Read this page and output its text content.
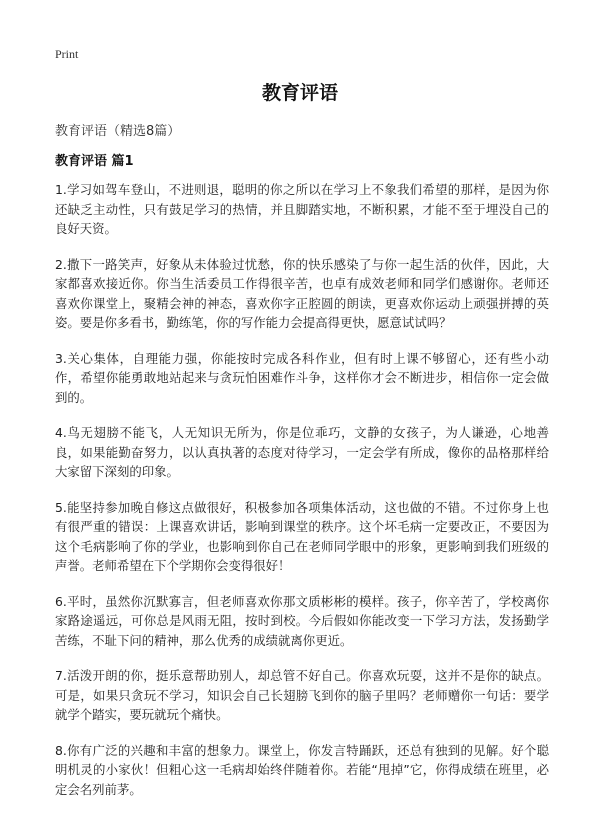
Print
教育评语
教育评语（精选8篇）
教育评语 篇1

1.学习如驾车登山，不进则退，聪明的你之所以在学习上不象我们希望的那样，是因为你还缺乏主动性，只有鼓足学习的热情，并且脚踏实地，不断积累，才能不至于埋没自己的良好天资。

2.撒下一路笑声，好象从未体验过忧愁，你的快乐感染了与你一起生活的伙伴，因此，大家都喜欢接近你。你当生活委员工作得很辛苦，也卓有成效老师和同学们感谢你。老师还喜欢你课堂上，聚精会神的神态，喜欢你字正腔圆的朗读，更喜欢你运动上顽强拼搏的英姿。要是你多看书，勤练笔，你的写作能力会提高得更快，愿意试试吗？

3.关心集体，自理能力强，你能按时完成各科作业，但有时上课不够留心，还有些小动作，希望你能勇敢地站起来与贪玩怕困难作斗争，这样你才会不断进步，相信你一定会做到的。

4.鸟无翅膀不能飞，人无知识无所为，你是位乖巧，文静的女孩子，为人谦逊，心地善良，如果能勤奋努力，以认真执著的态度对待学习，一定会学有所成，像你的品格那样给大家留下深刻的印象。

5.能坚持参加晚自修这点做很好，积极参加各项集体活动，这也做的不错。不过你身上也有很严重的错误：上课喜欢讲话，影响到课堂的秩序。这个坏毛病一定要改正，不要因为这个毛病影响了你的学业，也影响到你自己在老师同学眼中的形象，更影响到我们班级的声誉。老师希望在下个学期你会变得很好！

6.平时，虽然你沉默寡言，但老师喜欢你那文质彬彬的模样。孩子，你辛苦了，学校离你家路途遥远，可你总是风雨无阻，按时到校。今后假如你能改变一下学习方法，发扬勤学苦练，不耻下问的精神，那么优秀的成绩就离你更近。

7.活泼开朗的你，挺乐意帮助别人，却总管不好自己。你喜欢玩耍，这并不是你的缺点。可是，如果只贪玩不学习，知识会自己长翅膀飞到你的脑子里吗？老师赠你一句话：要学就学个踏实，要玩就玩个痛快。

8.你有广泛的兴趣和丰富的想象力。课堂上，你发言特踊跃，还总有独到的见解。好个聪明机灵的小家伙！但粗心这一毛病却始终伴随着你。若能“甩掉”它，你得成绩在班里，必定会名列前茅。
